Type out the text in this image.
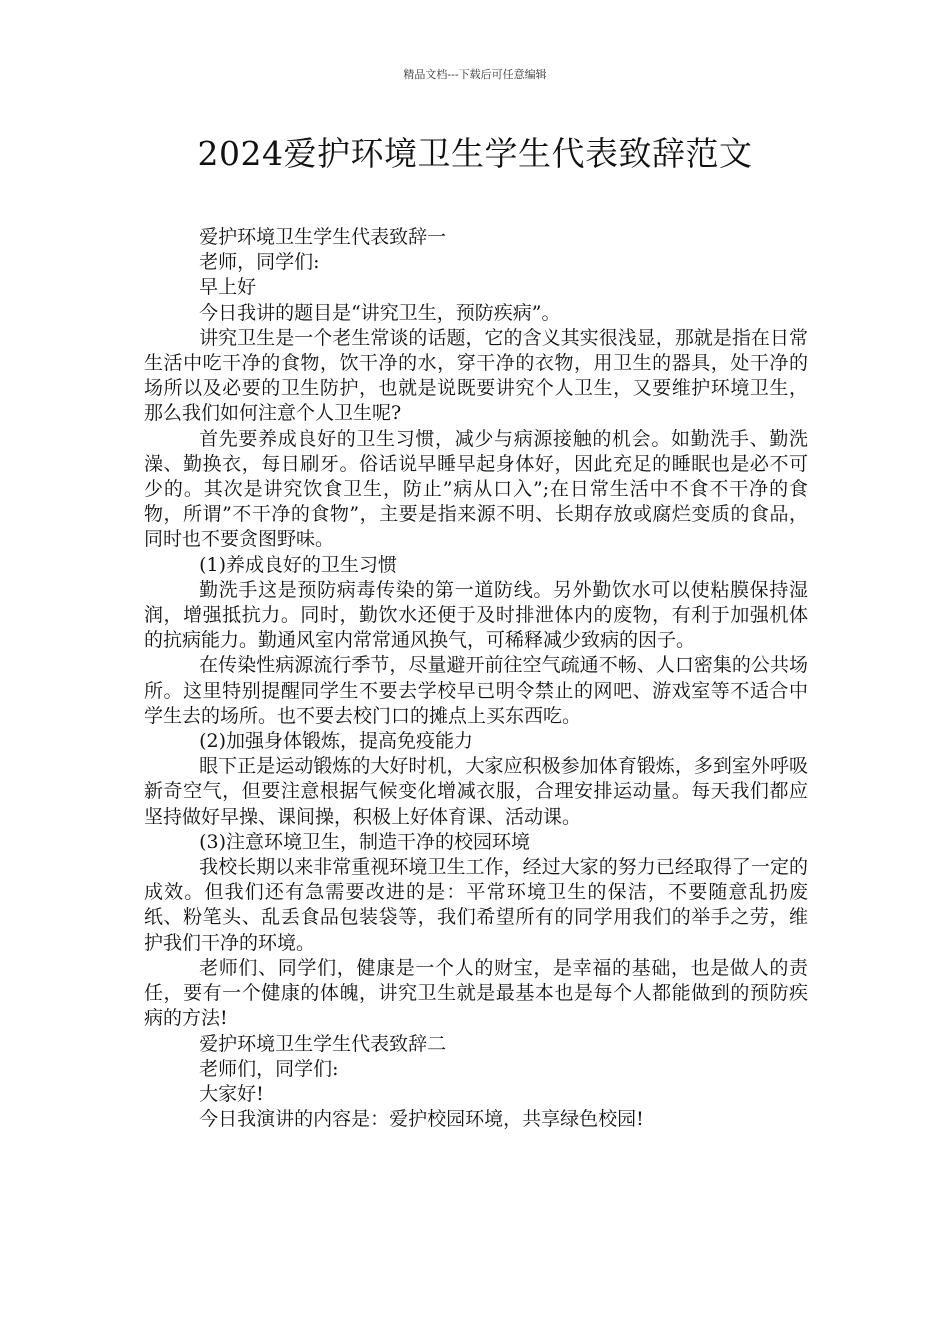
精品文档---下载后可任意编辑
2024爱护环境卫生学生代表致辞范文

爱护环境卫生学生代表致辞一

老师，同学们:

早上好

今日我讲的题目是“讲究卫生，预防疾病”。

讲究卫生是一个老生常谈的话题，它的含义其实很浅显，那就是指在日常生活中吃干净的食物，饮干净的水，穿干净的衣物，用卫生的器具，处干净的场所以及必要的卫生防护，也就是说既要讲究个人卫生，又要维护环境卫生，那么我们如何注意个人卫生呢?

首先要养成良好的卫生习惯，减少与病源接触的机会。如勤洗手、勤洗澡、勤换衣，每日刷牙。俗话说早睡早起身体好，因此充足的睡眠也是必不可少的。其次是讲究饮食卫生，防止”病从口入”;在日常生活中不食不干净的食物，所谓”不干净的食物”，主要是指来源不明、长期存放或腐烂变质的食品，同时也不要贪图野味。

(1)养成良好的卫生习惯

勤洗手这是预防病毒传染的第一道防线。另外勤饮水可以使粘膜保持湿润，增强抵抗力。同时，勤饮水还便于及时排泄体内的废物，有利于加强机体的抗病能力。勤通风室内常常通风换气，可稀释减少致病的因子。

在传染性病源流行季节，尽量避开前往空气疏通不畅、人口密集的公共场所。这里特别提醒同学生不要去学校早已明令禁止的网吧、游戏室等不适合中学生去的场所。也不要去校门口的摊点上买东西吃。

(2)加强身体锻炼，提高免疫能力

眼下正是运动锻炼的大好时机，大家应积极参加体育锻炼，多到室外呼吸新奇空气，但要注意根据气候变化增减衣服，合理安排运动量。每天我们都应坚持做好早操、课间操，积极上好体育课、活动课。

(3)注意环境卫生，制造干净的校园环境

我校长期以来非常重视环境卫生工作，经过大家的努力已经取得了一定的成效。但我们还有急需要改进的是：平常环境卫生的保洁，不要随意乱扔废纸、粉笔头、乱丢食品包装袋等，我们希望所有的同学用我们的举手之劳，维护我们干净的环境。

老师们、同学们，健康是一个人的财宝，是幸福的基础，也是做人的责任，要有一个健康的体魄，讲究卫生就是最基本也是每个人都能做到的预防疾病的方法!

爱护环境卫生学生代表致辞二

老师们，同学们:

大家好!

今日我演讲的内容是：爱护校园环境，共享绿色校园!
